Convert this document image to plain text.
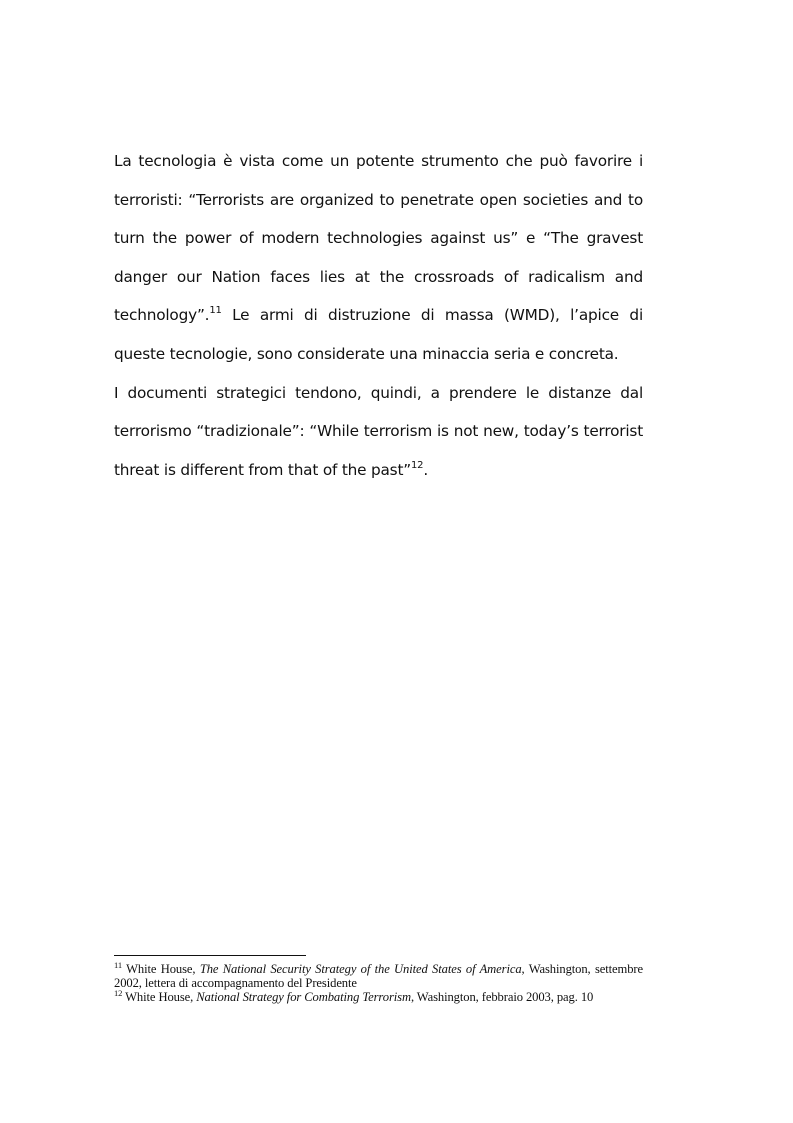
La tecnologia è vista come un potente strumento che può favorire i terroristi: “Terrorists are organized to penetrate open societies and to turn the power of modern technologies against us” e “The gravest danger our Nation faces lies at the crossroads of radicalism and technology”.$^{11}$ Le armi di distruzione di massa (WMD), l’apice di queste tecnologie, sono considerate una minaccia seria e concreta.

I documenti strategici tendono, quindi, a prendere le distanze dal terrorismo “tradizionale”: “While terrorism is not new, today’s terrorist threat is different from that of the past”$^{12}$.

$^{11}$ White House, The National Security Strategy of the United States of America, Washington, settembre 2002, lettera di accompagnamento del Presidente

$^{12}$ White House, National Strategy for Combating Terrorism, Washington, febbraio 2003, pag. 10
